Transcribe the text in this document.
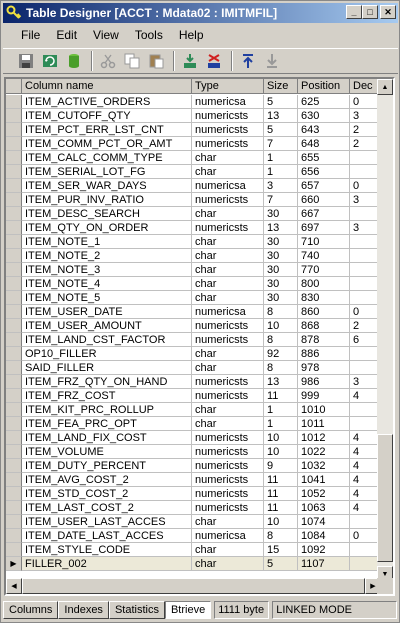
Table Designer [ACCT : Mdata02 : IMITMFIL]	_ □ ✕
File	Edit	View	Tools	Help
Column name	Type	Size	Position	Dec
ITEM_ACTIVE_ORDERS	numericsa	5	625	0
ITEM_CUTOFF_QTY	numericsts	13	630	3
ITEM_PCT_ERR_LST_CNT	numericsts	5	643	2
ITEM_COMM_PCT_OR_AMT	numericsts	7	648	2
ITEM_CALC_COMM_TYPE	char	1	655
ITEM_SERIAL_LOT_FG	char	1	656
ITEM_SER_WAR_DAYS	numericsa	3	657	0
ITEM_PUR_INV_RATIO	numericsts	7	660	3
ITEM_DESC_SEARCH	char	30	667
ITEM_QTY_ON_ORDER	numericsts	13	697	3
ITEM_NOTE_1	char	30	710
ITEM_NOTE_2	char	30	740
ITEM_NOTE_3	char	30	770
ITEM_NOTE_4	char	30	800
ITEM_NOTE_5	char	30	830
ITEM_USER_DATE	numericsa	8	860	0
ITEM_USER_AMOUNT	numericsts	10	868	2
ITEM_LAND_CST_FACTOR	numericsts	8	878	6
OP10_FILLER	char	92	886
SAID_FILLER	char	8	978
ITEM_FRZ_QTY_ON_HAND	numericsts	13	986	3
ITEM_FRZ_COST	numericsts	11	999	4
ITEM_KIT_PRC_ROLLUP	char	1	1010
ITEM_FEA_PRC_OPT	char	1	1011
ITEM_LAND_FIX_COST	numericsts	10	1012	4
ITEM_VOLUME	numericsts	10	1022	4
ITEM_DUTY_PERCENT	numericsts	9	1032	4
ITEM_AVG_COST_2	numericsts	11	1041	4
ITEM_STD_COST_2	numericsts	11	1052	4
ITEM_LAST_COST_2	numericsts	11	1063	4
ITEM_USER_LAST_ACCES	char	10	1074
ITEM_DATE_LAST_ACCES	numericsa	8	1084	0
ITEM_STYLE_CODE	char	15	1092
▶ FILLER_002	char	5	1107
▲
▼
◀	▶
Columns	Indexes	Statistics	Btrieve	1111 byte	LINKED MODE
